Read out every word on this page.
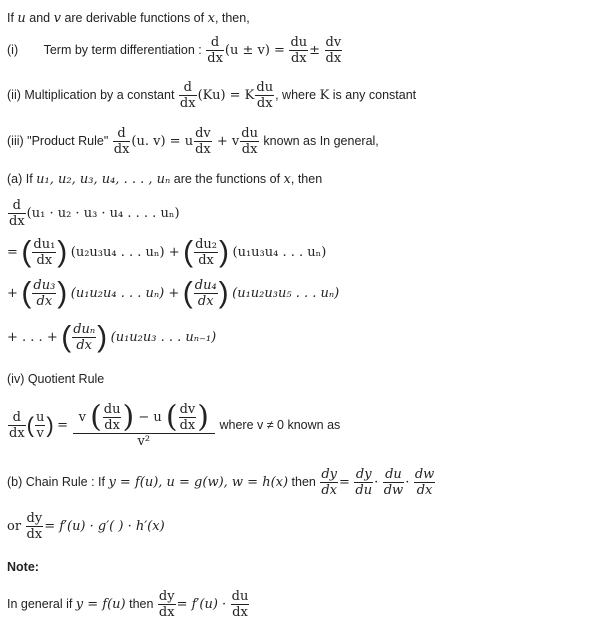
If u and v are derivable functions of x, then,
(i) Term by term differentiation : $\frac{d}{dx} (u \pm v) = \frac{du}{dx} \pm \frac{dv}{dx}$
(ii) Multiplication by a constant $\frac{d}{dx} (Ku) = K \frac{du}{dx}$ , where K is any constant
(iii) "Product Rule" $\frac{d}{dx} (u$. v) = u $\frac{dv}{dx} + v \frac{du}{dx}$ known as In general,
(a) If u₁, u₂, u₃, u₄, . . . , uₙ are the functions of x, then
$\frac{d}{dx} (u_1 \cdot u_2 \cdot u_3 \cdot u_4$ . . . . uₙ)
= ( $\frac{\text{du₁}}{dx}$ ) (u₂u₃u₄ . . . uₙ) + ( $\frac{\text{du₂}}{dx}$ ) (u₁u₃u₄ . . . uₙ)
+ ( $\frac{\text{du₃}}{dx}$ ) (u₁u₂u₄ . . . uₙ) + ( $\frac{\text{du₄}}{dx}$ ) (u₁u₂u₃u₅ . . . uₙ)
+ . . . + ( $\frac{\text{duₙ}}{dx}$ ) (u₁u₂u₃ . . . uₙ₋₁)
(iv) Quotient Rule
$\frac{d}{dx}$ ( $\frac{u}{v}$ ) = $\frac{v ( \frac{du}{dx} ) - u ( \frac{dv}{dx} )}{\text{v²}}$ where v ≠ 0 known as
(b) Chain Rule : If y = f(u), u = g(w), w = h(x) then $\frac{dy}{dx} = \frac{dy}{du} \cdot \frac{du}{dw} \cdot \frac{dw}{dx}$
or $\frac{dy}{dx} = f'(u) \cdot g'$( ) · h′(x)
Note:
In general if y = f(u) then $\frac{dy}{dx} = f'(u) \cdot \frac{du}{dx}$
